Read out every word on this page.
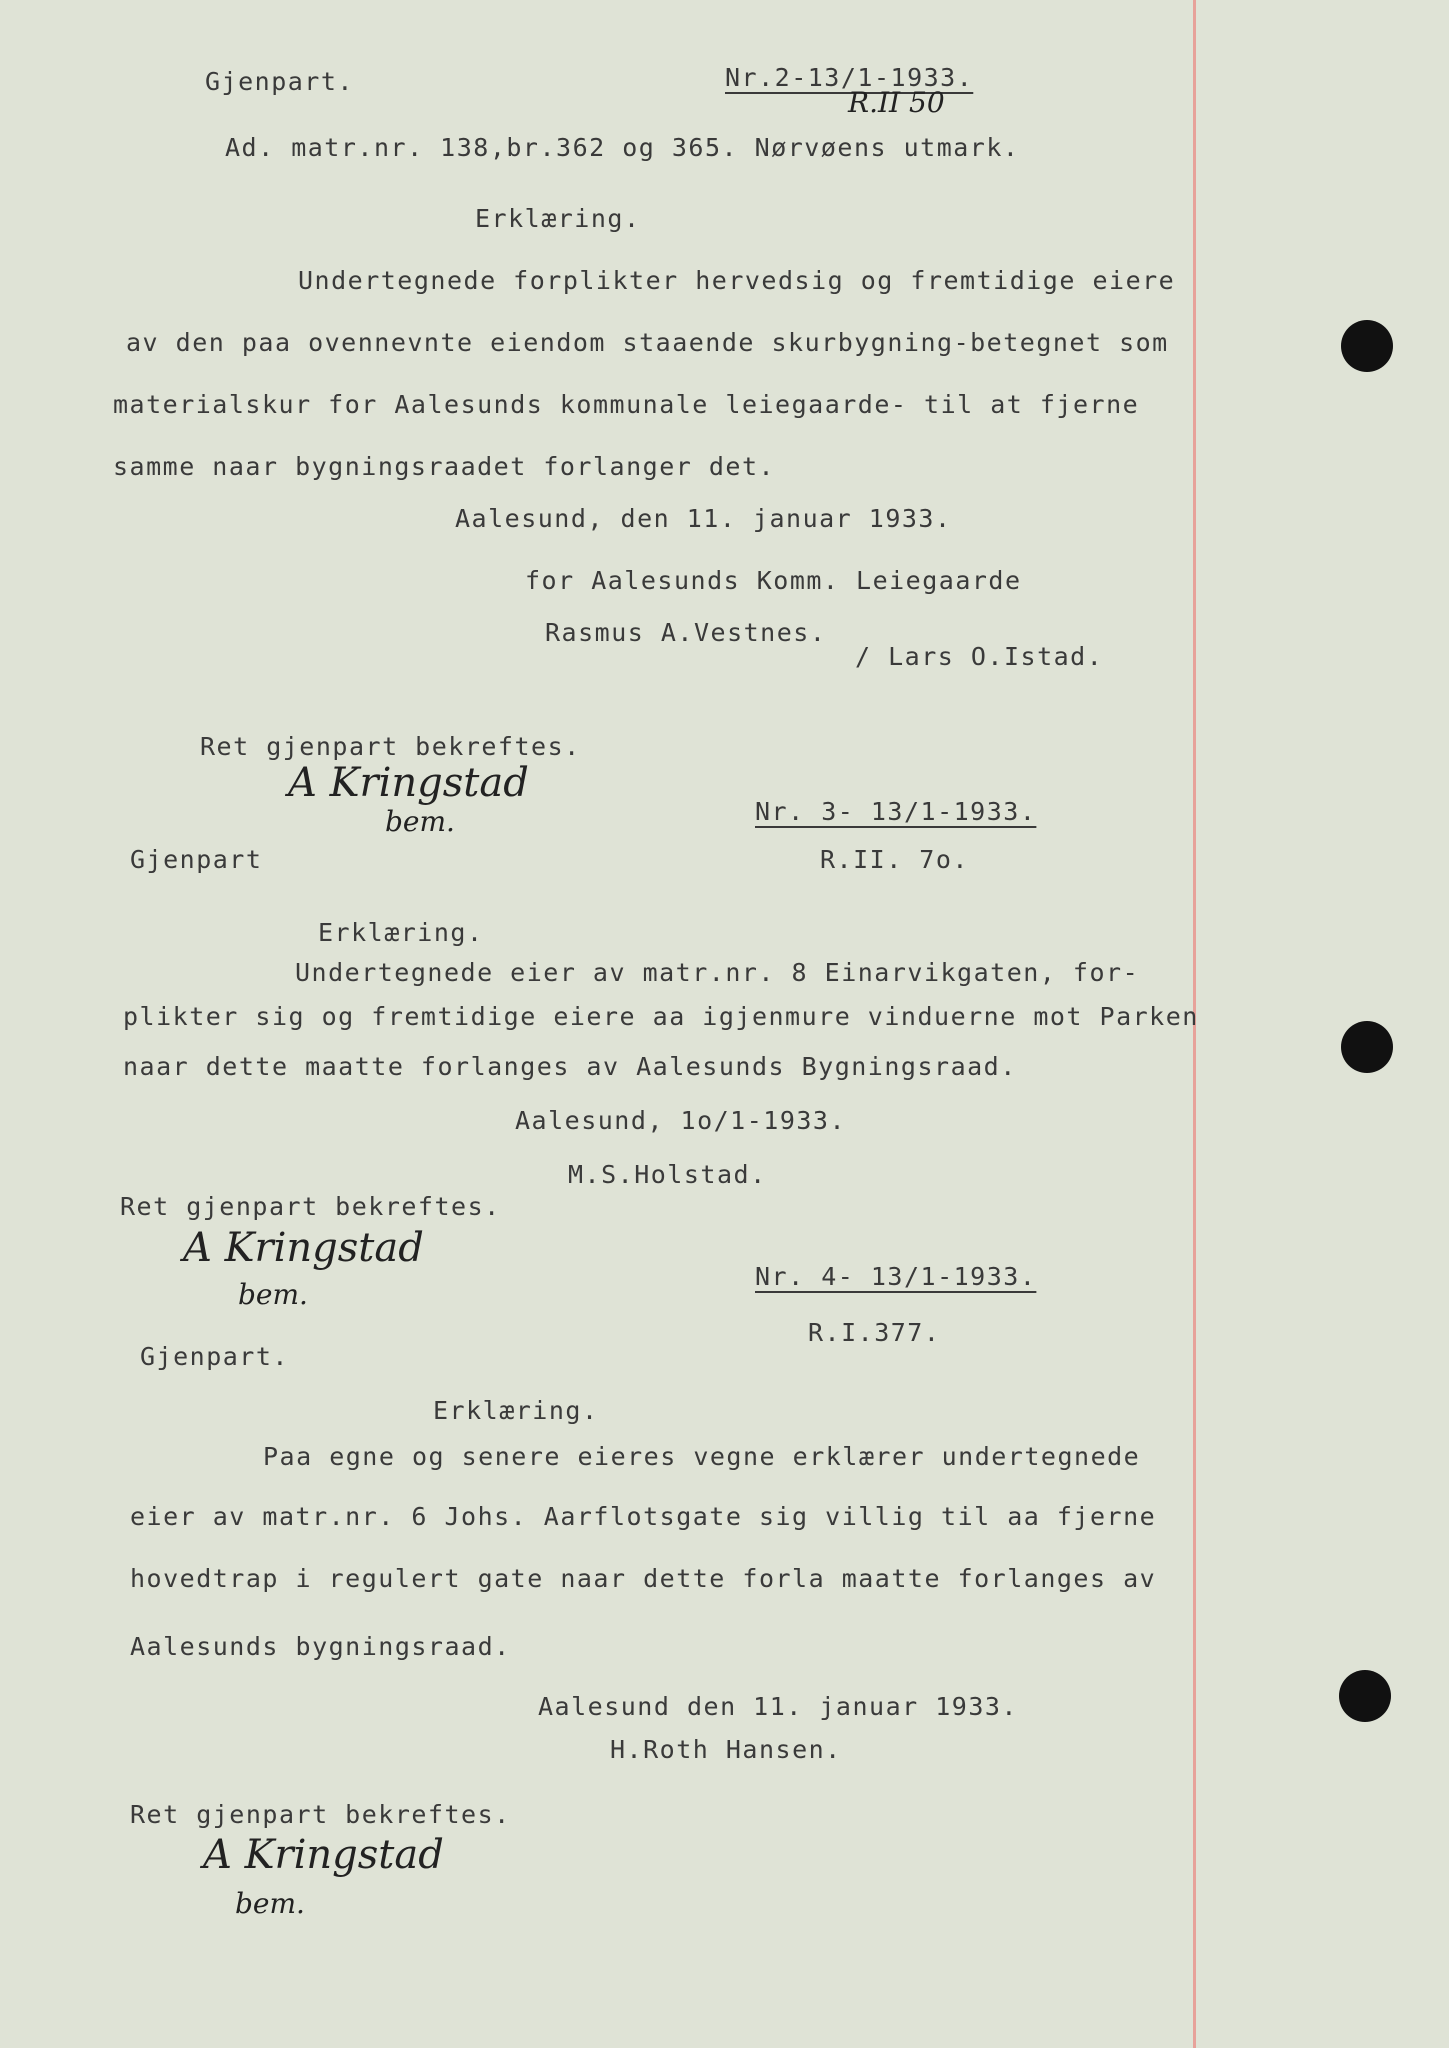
Gjenpart.	Nr.2-13/1-1933.
R.II 50
Ad. matr.nr. 138,br.362 og 365. Nørvøens utmark.
Erklæring.
Undertegnede forplikter hervedsig og fremtidige eiere
av den paa ovennevnte eiendom staaende skurbygning-betegnet som
materialskur for Aalesunds kommunale leiegaarde- til at fjerne
samme naar bygningsraadet forlanger det.
Aalesund, den 11. januar 1933.
for Aalesunds Komm. Leiegaarde
Rasmus A.Vestnes.
/ Lars O.Istad.
Ret gjenpart bekreftes.
A Kringstad
bem.	Nr. 3- 13/1-1933.
Gjenpart	R.II. 7o.
Erklæring.
Undertegnede eier av matr.nr. 8 Einarvikgaten, for-
plikter sig og fremtidige eiere aa igjenmure vinduerne mot Parken
naar dette maatte forlanges av Aalesunds Bygningsraad.
Aalesund, 1o/1-1933.
M.S.Holstad.
Ret gjenpart bekreftes.
A Kringstad
bem.
Nr. 4- 13/1-1933.
Gjenpart.
R.I.377.
Erklæring.
Paa egne og senere eieres vegne erklærer undertegnede
eier av matr.nr. 6 Johs. Aarflotsgate sig villig til aa fjerne
hovedtrap i regulert gate naar dette forla maatte forlanges av
Aalesunds bygningsraad.
Aalesund den 11. januar 1933.
H.Roth Hansen.
Ret gjenpart bekreftes.
A Kringstad
bem.
